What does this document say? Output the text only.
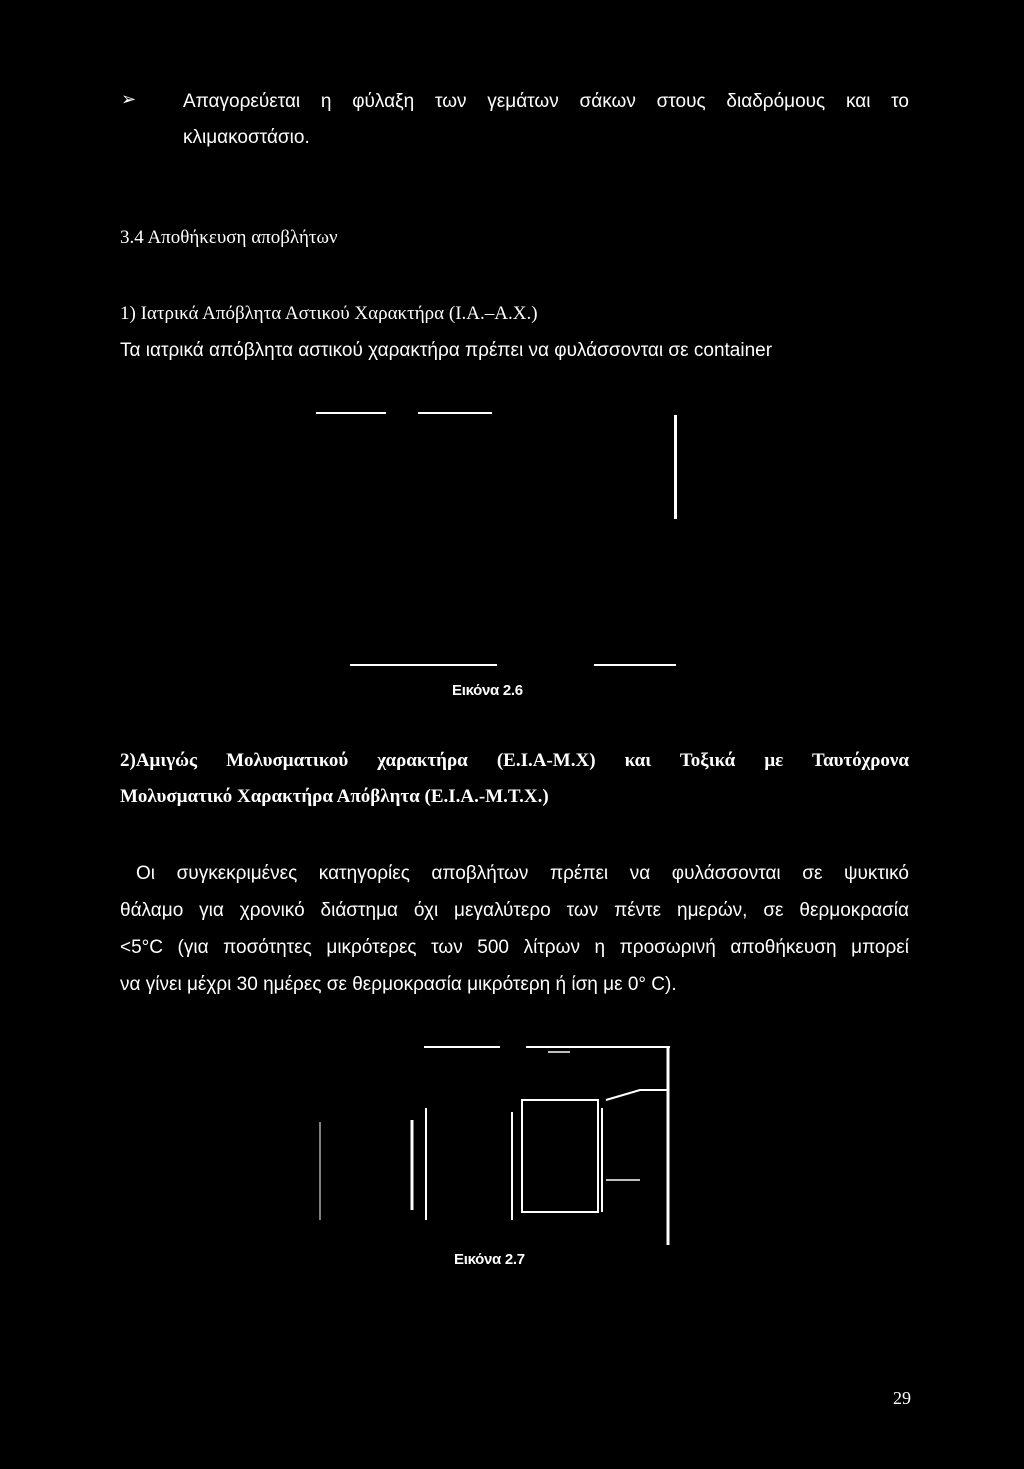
➢ Απαγορεύεται η φύλαξη των γεμάτων σάκων στους διαδρόμους και το
κλιμακοστάσιο.
3.4 Αποθήκευση αποβλήτων
1) Ιατρικά Απόβλητα Αστικού Χαρακτήρα (Ι.Α.–Α.Χ.)
Τα ιατρικά απόβλητα αστικού χαρακτήρα πρέπει να φυλάσσονται σε container
Εικόνα 2.6
2)Αμιγώς Μολυσματικού χαρακτήρα (Ε.Ι.Α-Μ.Χ) και Τοξικά με Ταυτόχρονα
Μολυσματικό Χαρακτήρα Απόβλητα (Ε.Ι.Α.-Μ.Τ.Χ.)
Οι συγκεκριμένες κατηγορίες αποβλήτων πρέπει να φυλάσσονται σε ψυκτικό
θάλαμο για χρονικό διάστημα όχι μεγαλύτερο των πέντε ημερών, σε θερμοκρασία
<5°C (για ποσότητες μικρότερες των 500 λίτρων η προσωρινή αποθήκευση μπορεί
να γίνει μέχρι 30 ημέρες σε θερμοκρασία μικρότερη ή ίση με 0° C).
Εικόνα 2.7
29
